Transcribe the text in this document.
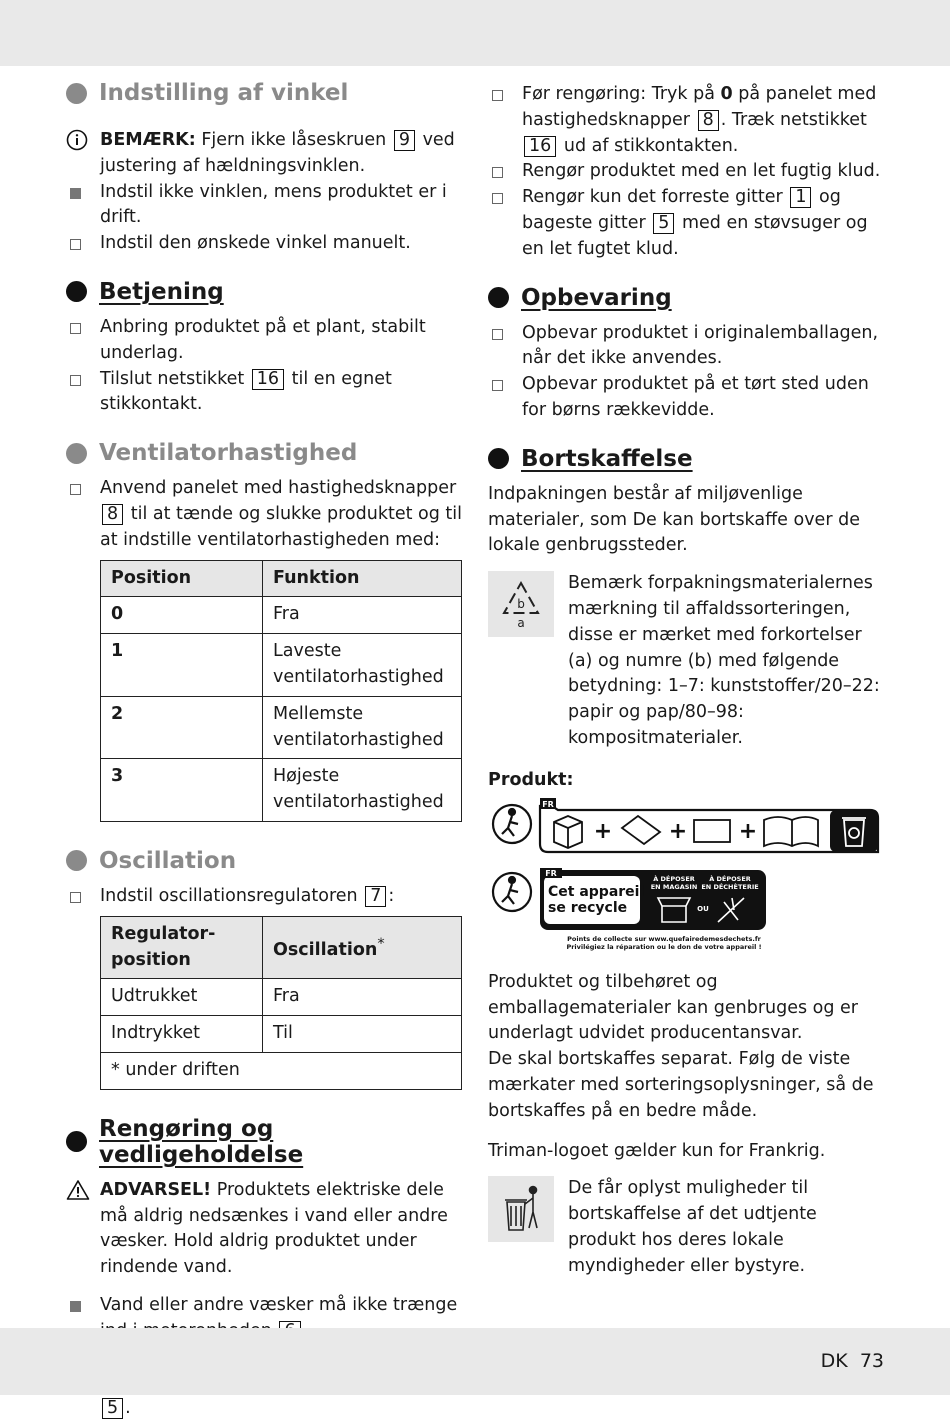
Indstilling af vinkel
BEMÆRK: Fjern ikke låseskruen 9 ved justering af hældningsvinklen.
Indstil ikke vinklen, mens produktet er i drift.
Indstil den ønskede vinkel manuelt.
Betjening
Anbring produktet på et plant, stabilt underlag.
Tilslut netstikket 16 til en egnet stikkontakt.
Ventilatorhastighed
Anvend panelet med hastighedsknapper 8 til at tænde og slukke produktet og til at indstille ventilatorhastigheden med:
Position	Funktion
0	Fra
1	Laveste ventilatorhastighed
2	Mellemste ventilatorhastighed
3	Højeste ventilatorhastighed
Oscillation
Indstil oscillationsregulatoren 7 :
Regulator-position	Oscillation*
Udtrukket	Fra
Indtrykket	Til
* under driften	
Rengøring og vedligeholdelse
ADVARSEL! Produktets elektriske dele må aldrig nedsænkes i vand eller andre væsker. Hold aldrig produktet under rindende vand.
Vand eller andre væsker må ikke trænge
5 .
Før rengøring: Tryk på 0 på panelet med hastighedsknapper 8 . Træk netstikket 16 ud af stikkontakten.
Rengør produktet med en let fugtig klud.
Rengør kun det forreste gitter 1 og bageste gitter 5 med en støvsuger og en let fugtet klud.
Opbevaring
Opbevar produktet i originalemballagen, når det ikke anvendes.
Opbevar produktet på et tørt sted uden for børns rækkevidde.
Bortskaffelse
Indpakningen består af miljøvenlige materialer, som De kan bortskaffe over de lokale genbrugssteder.
b
a
Bemærk forpakningsmaterialernes mærkning til affaldssorteringen, disse er mærket med forkortelser (a) og numre (b) med følgende betydning: 1–7: kunststoffer/20–22: papir og pap/80–98: kompositmaterialer.
Produkt:
FR
+	+ +
FR
Cet appareil
se recycle
À DÉPOSER
EN MAGASIN
À DÉPOSER
EN DÉCHÈTERIE
OU
Points de collecte sur www.quefairedemesdechets.fr
Privilégiez la réparation ou le don de votre appareil !
Produktet og tilbehøret og emballagematerialer kan genbruges og er underlagt udvidet producentansvar.
De skal bortskaffes separat. Følg de viste mærkater med sorteringsoplysninger, så de bortskaffes på en bedre måde.
Triman-logoet gælder kun for Frankrig.
De får oplyst muligheder til bortskaffelse af det udtjente produkt hos deres lokale myndigheder eller bystyre.
DK 73
